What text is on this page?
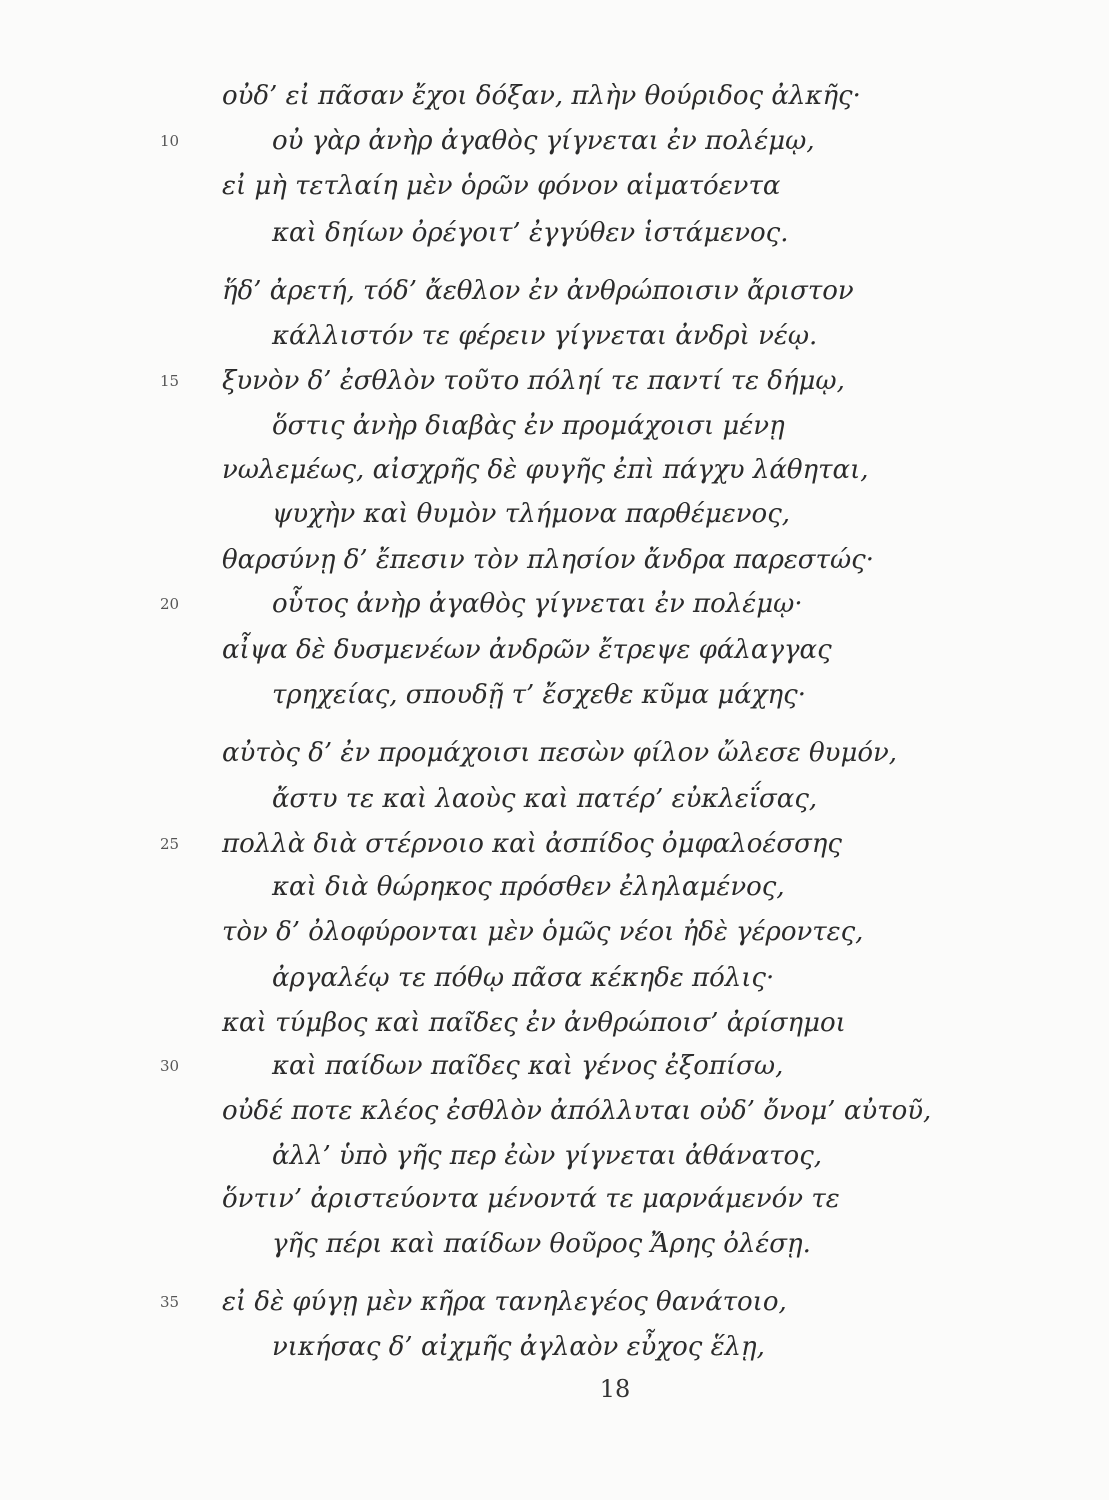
οὐδ’ εἰ πᾶσαν ἔχοι δόξαν, πλὴν θούριδος ἀλκῆς·
10	οὐ γὰρ ἀνὴρ ἀγαθὸς γίγνεται ἐν πολέμῳ,
εἰ μὴ τετλαίη μὲν ὁρῶν φόνον αἱματόεντα
καὶ δηίων ὀρέγοιτ’ ἐγγύθεν ἱστάμενος.
ἥδ’ ἀρετή, τόδ’ ἄεθλον ἐν ἀνθρώποισιν ἄριστον
κάλλιστόν τε φέρειν γίγνεται ἀνδρὶ νέῳ.
15 ξυνὸν δ’ ἐσθλὸν τοῦτο πόληί τε παντί τε δήμῳ,
ὅστις ἀνὴρ διαβὰς ἐν προμάχοισι μένῃ
νωλεμέως, αἰσχρῆς δὲ φυγῆς ἐπὶ πάγχυ λάθηται,
ψυχὴν καὶ θυμὸν τλήμονα παρθέμενος,
θαρσύνῃ δ’ ἔπεσιν τὸν πλησίον ἄνδρα παρεστώς·
20	οὗτος ἀνὴρ ἀγαθὸς γίγνεται ἐν πολέμῳ·
αἶψα δὲ δυσμενέων ἀνδρῶν ἔτρεψε φάλαγγας
τρηχείας, σπουδῇ τ’ ἔσχεθε κῦμα μάχης·
αὐτὸς δ’ ἐν προμάχοισι πεσὼν φίλον ὤλεσε θυμόν,
ἄστυ τε καὶ λαοὺς καὶ πατέρ’ εὐκλεΐσας,
25 πολλὰ διὰ στέρνοιο καὶ ἀσπίδος ὀμφαλοέσσης
καὶ διὰ θώρηκος πρόσθεν ἐληλαμένος,
τὸν δ’ ὀλοφύρονται μὲν ὁμῶς νέοι ἠδὲ γέροντες,
ἀργαλέῳ τε πόθῳ πᾶσα κέκηδε πόλις·
καὶ τύμβος καὶ παῖδες ἐν ἀνθρώποισ’ ἀρίσημοι
30	καὶ παίδων παῖδες καὶ γένος ἐξοπίσω,
οὐδέ ποτε κλέος ἐσθλὸν ἀπόλλυται οὐδ’ ὄνομ’ αὐτοῦ,
ἀλλ’ ὑπὸ γῆς περ ἐὼν γίγνεται ἀθάνατος,
ὅντιν’ ἀριστεύοντα μένοντά τε μαρνάμενόν τε
γῆς πέρι καὶ παίδων θοῦρος Ἄρης ὀλέσῃ.
35 εἰ δὲ φύγῃ μὲν κῆρα τανηλεγέος θανάτοιο,
νικήσας δ’ αἰχμῆς ἀγλαὸν εὖχος ἕλῃ,
18
